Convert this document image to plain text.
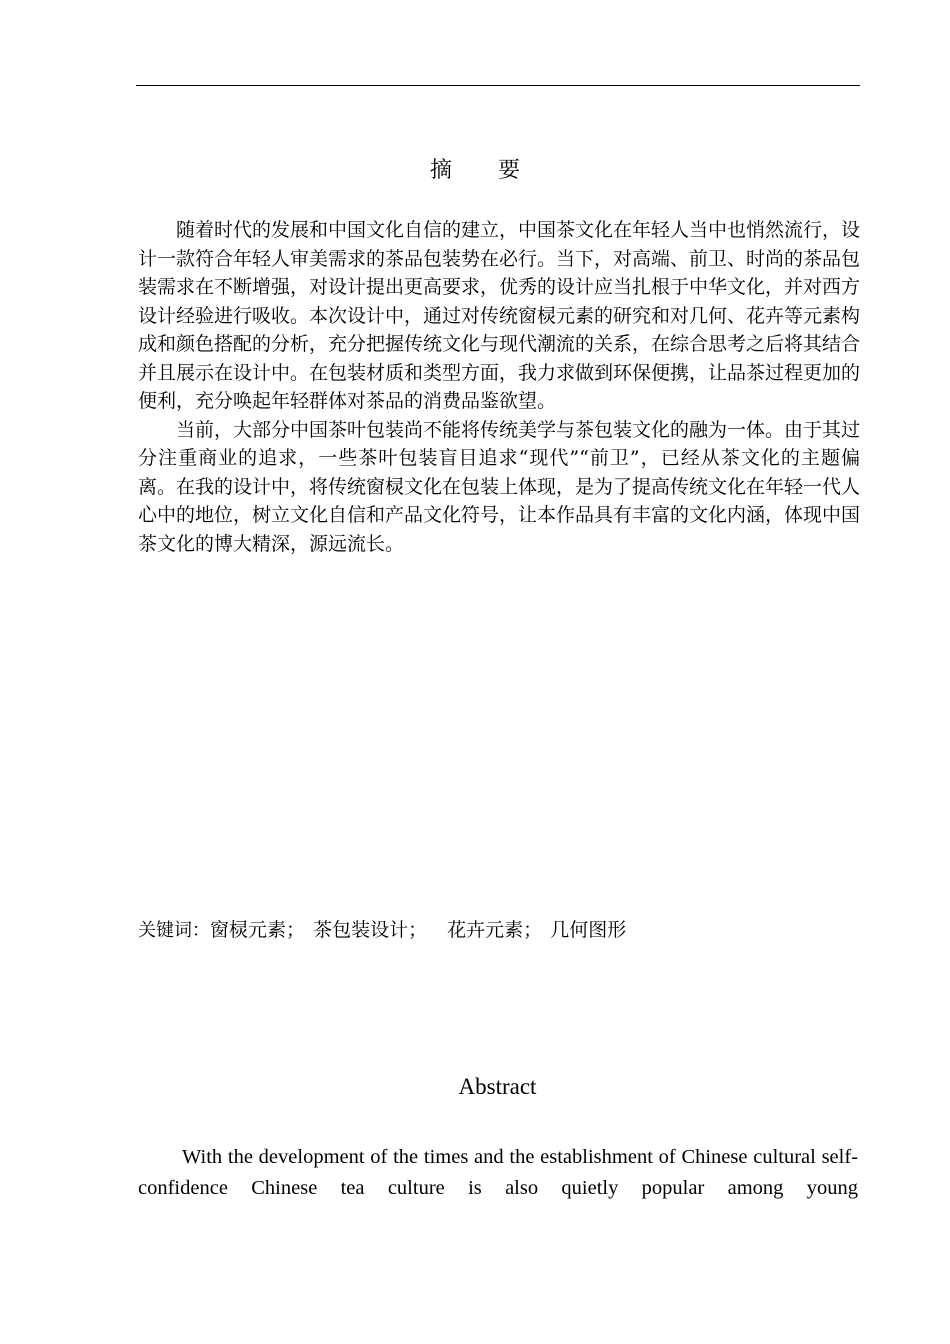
摘 要

随着时代的发展和中国文化自信的建立，中国茶文化在年轻人当中也悄然流行，设计一款符合年轻人审美需求的茶品包装势在必行。当下，对高端、前卫、时尚的茶品包装需求在不断增强，对设计提出更高要求，优秀的设计应当扎根于中华文化，并对西方设计经验进行吸收。本次设计中，通过对传统窗棂元素的研究和对几何、花卉等元素构成和颜色搭配的分析，充分把握传统文化与现代潮流的关系，在综合思考之后将其结合并且展示在设计中。在包装材质和类型方面，我力求做到环保便携，让品茶过程更加的便利，充分唤起年轻群体对茶品的消费品鉴欲望。

当前，大部分中国茶叶包装尚不能将传统美学与茶包装文化的融为一体。由于其过分注重商业的追求，一些茶叶包装盲目追求“现代”“前卫”，已经从茶文化的主题偏离。在我的设计中，将传统窗棂文化在包装上体现，是为了提高传统文化在年轻一代人心中的地位，树立文化自信和产品文化符号，让本作品具有丰富的文化内涵，体现中国茶文化的博大精深，源远流长。

关键词：窗棂元素； 茶包装设计； 花卉元素； 几何图形
Abstract

With the development of the times and the establishment of Chinese cultural self-confidence Chinese tea culture is also quietly popular among young
